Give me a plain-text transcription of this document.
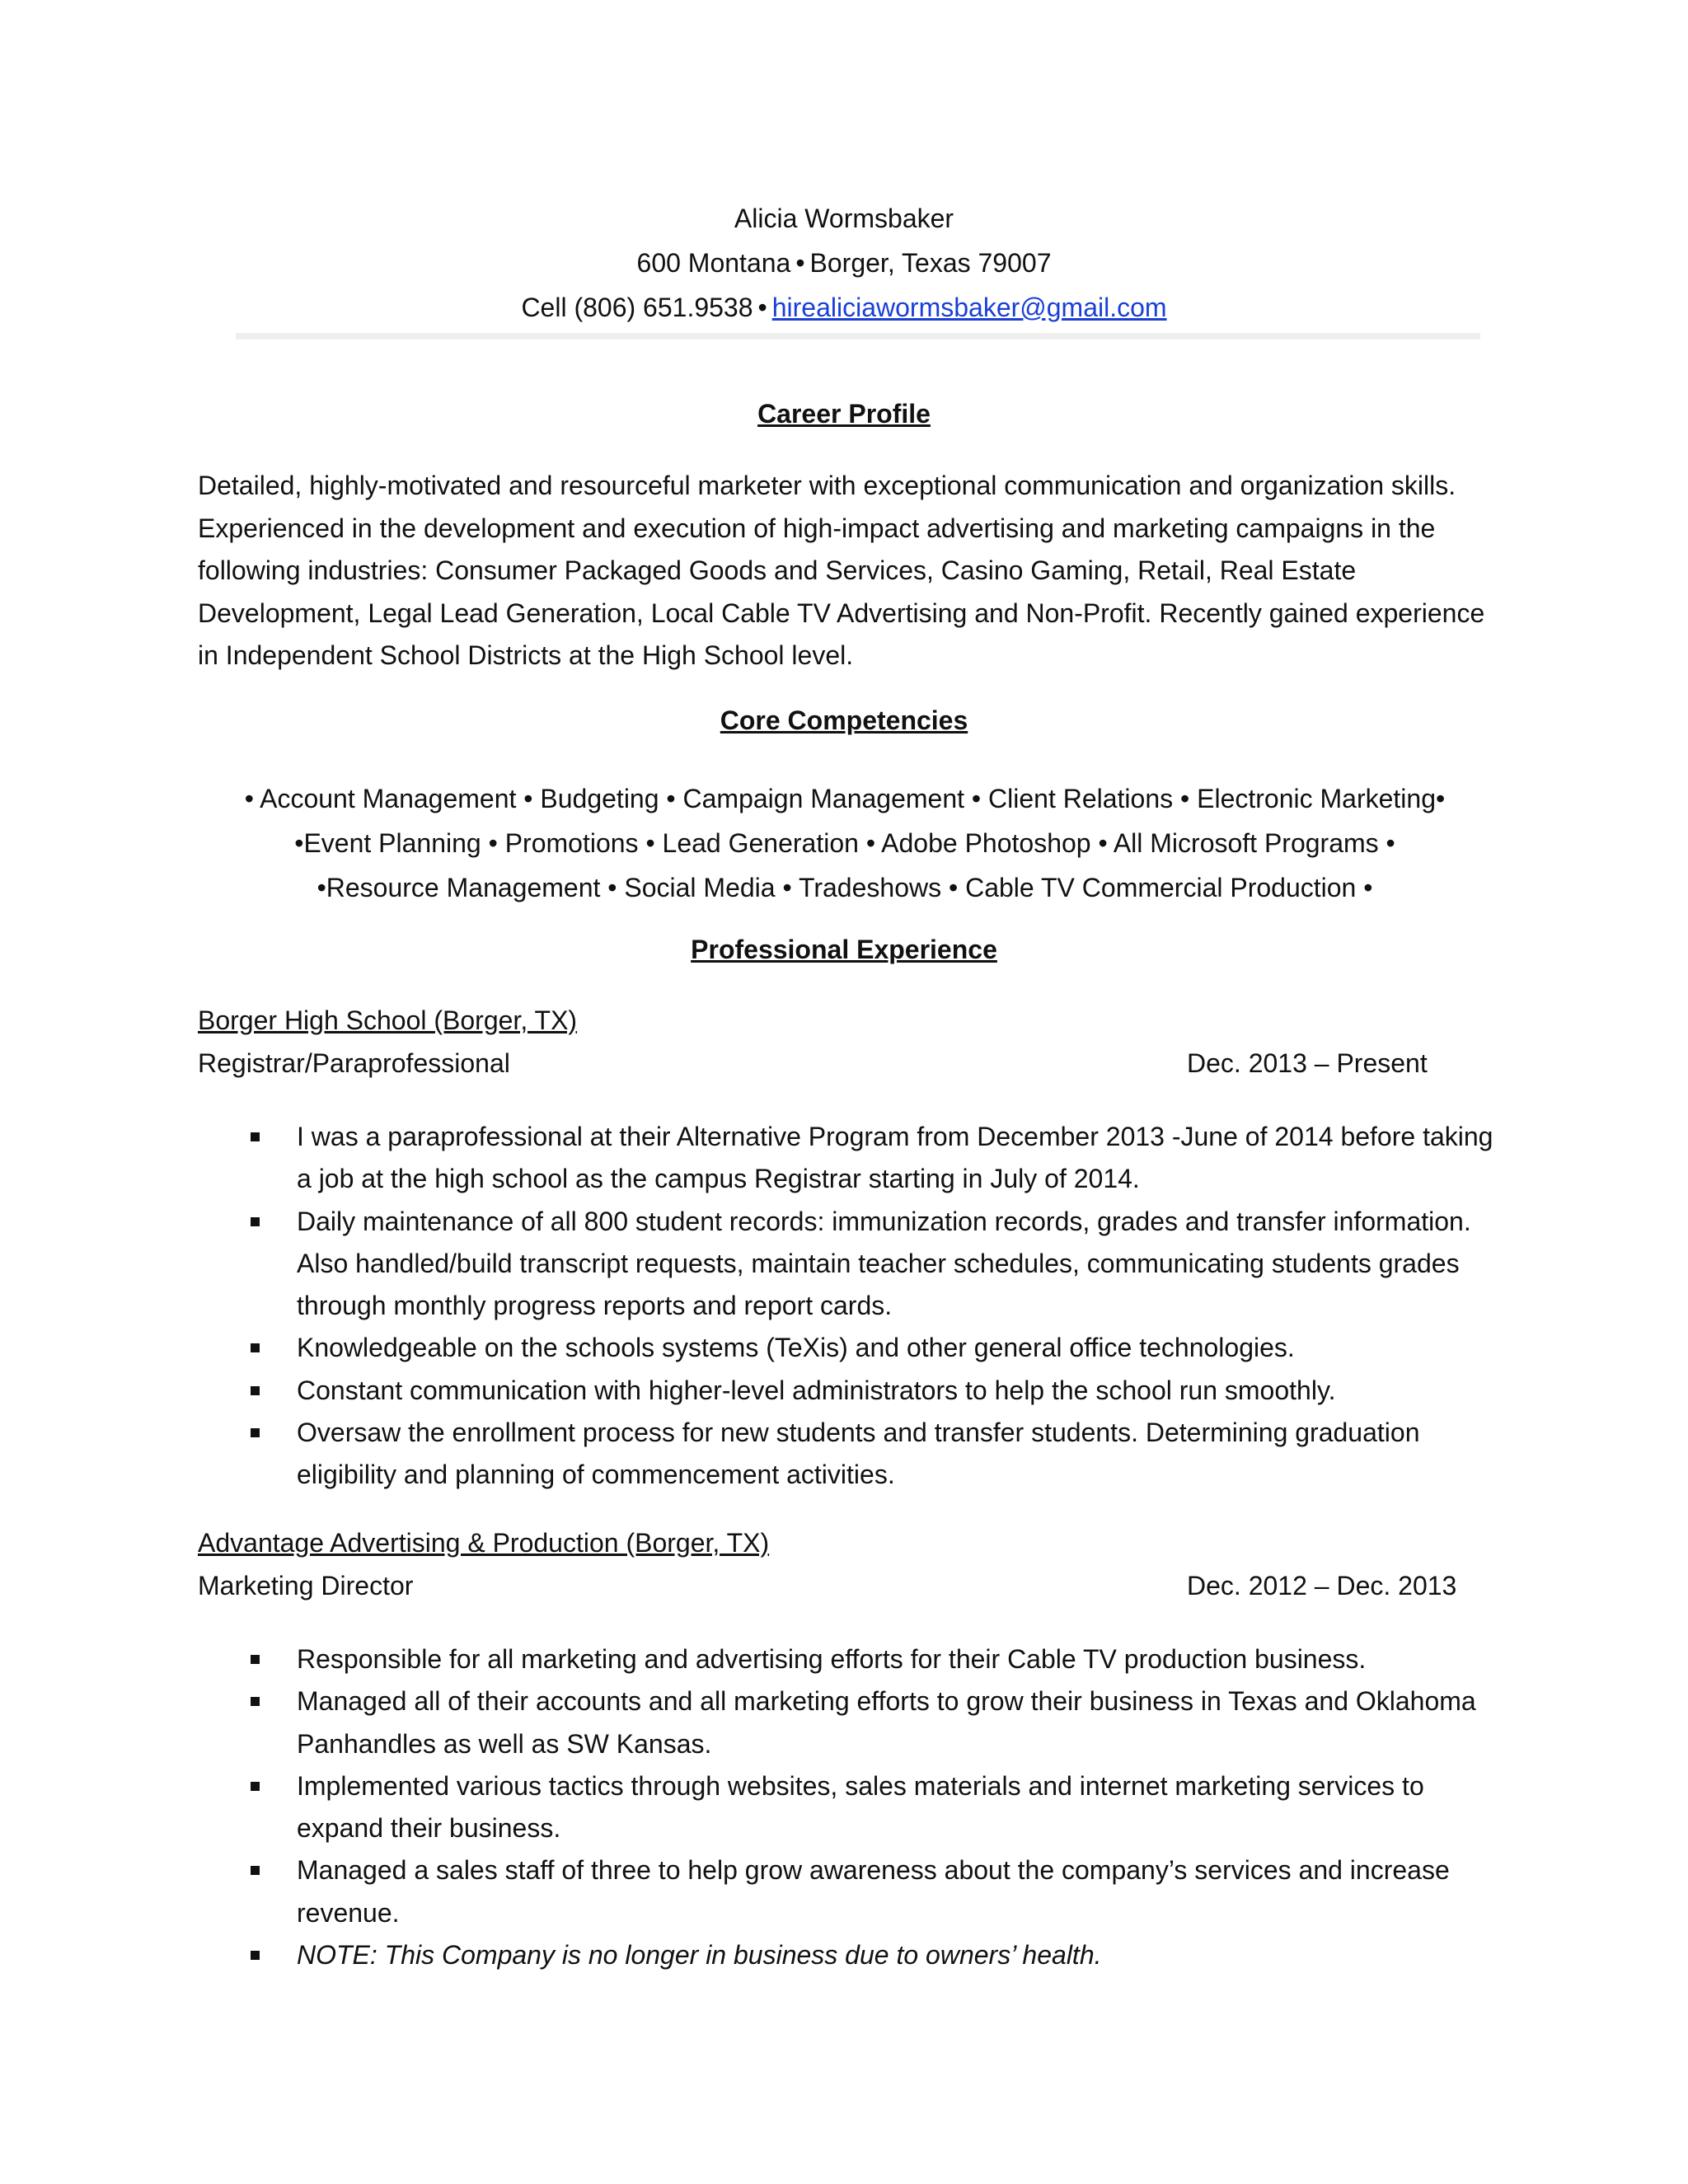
Alicia Wormsbaker
600 Montana • Borger, Texas 79007
Cell (806) 651.9538 • hirealiciawormsbaker@gmail.com
Career Profile
Detailed, highly-motivated and resourceful marketer with exceptional communication and organization skills. Experienced in the development and execution of high-impact advertising and marketing campaigns in the following industries: Consumer Packaged Goods and Services, Casino Gaming, Retail, Real Estate Development, Legal Lead Generation, Local Cable TV Advertising and Non-Profit. Recently gained experience in Independent School Districts at the High School level.
Core Competencies
• Account Management • Budgeting • Campaign Management • Client Relations • Electronic Marketing•
•Event Planning • Promotions • Lead Generation • Adobe Photoshop • All Microsoft Programs •
•Resource Management • Social Media • Tradeshows • Cable TV Commercial Production •
Professional Experience
Borger High School (Borger, TX)
Registrar/Paraprofessional	Dec. 2013 – Present
I was a paraprofessional at their Alternative Program from December 2013 -June of 2014 before taking a job at the high school as the campus Registrar starting in July of 2014.
Daily maintenance of all 800 student records: immunization records, grades and transfer information. Also handled/build transcript requests, maintain teacher schedules, communicating students grades through monthly progress reports and report cards.
Knowledgeable on the schools systems (TeXis) and other general office technologies.
Constant communication with higher-level administrators to help the school run smoothly.
Oversaw the enrollment process for new students and transfer students. Determining graduation eligibility and planning of commencement activities.
Advantage Advertising & Production (Borger, TX)
Marketing Director	Dec. 2012 – Dec. 2013
Responsible for all marketing and advertising efforts for their Cable TV production business.
Managed all of their accounts and all marketing efforts to grow their business in Texas and Oklahoma Panhandles as well as SW Kansas.
Implemented various tactics through websites, sales materials and internet marketing services to expand their business.
Managed a sales staff of three to help grow awareness about the company’s services and increase revenue.
NOTE: This Company is no longer in business due to owners’ health.
